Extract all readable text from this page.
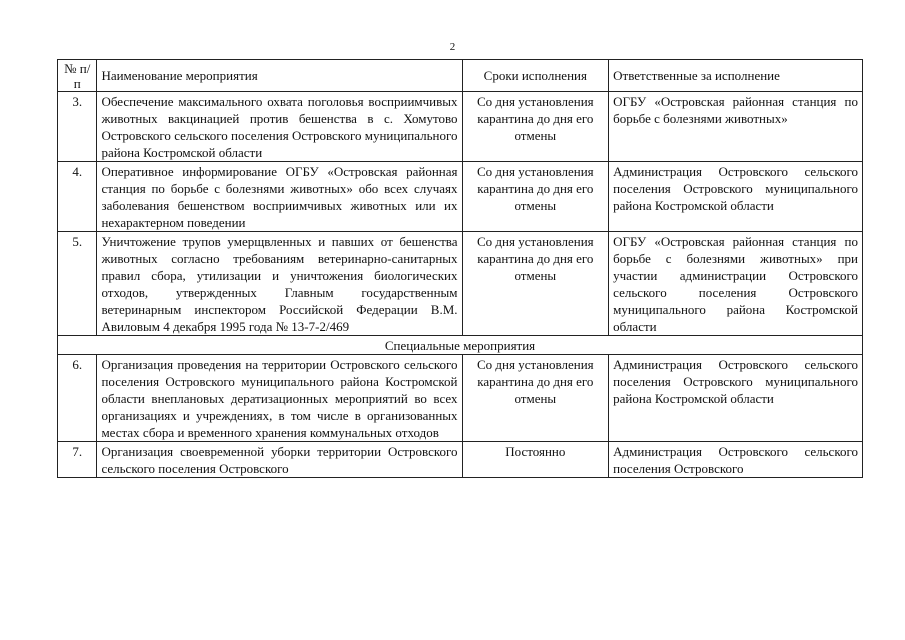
2
№ п/п	Наименование мероприятия	Сроки исполнения	Ответственные за исполнение
3.	Обеспечение максимального охвата поголовья восприимчивых животных вакцинацией против бешенства в с. Хомутово Островского сельского поселения Островского муниципального района Костромской области	Со дня установления карантина до дня его отмены	ОГБУ «Островская районная станция по борьбе с болезнями животных»
4.	Оперативное информирование ОГБУ «Островская районная станция по борьбе с болезнями животных» обо всех случаях заболевания бешенством восприимчивых животных или их нехарактерном поведении	Со дня установления карантина до дня его отмены	Администрация Островского сельского поселения Островского муниципального района Костромской области
5.	Уничтожение трупов умерщвленных и павших от бешенства животных согласно требованиям ветеринарно-санитарных правил сбора, утилизации и уничтожения биологических отходов, утвержденных Главным государственным ветеринарным инспектором Российской Федерации В.М. Авиловым 4 декабря 1995 года № 13-7-2/469	Со дня установления карантина до дня его отмены	ОГБУ «Островская районная станция по борьбе с болезнями животных» при участии администрации Островского сельского поселения Островского муниципального района Костромской области
Специальные мероприятия			
6.	Организация проведения на территории Островского сельского поселения Островского муниципального района Костромской области внеплановых дератизационных мероприятий во всех организациях и учреждениях, в том числе в организованных местах сбора и временного хранения коммунальных отходов	Со дня установления карантина до дня его отмены	Администрация Островского сельского поселения Островского муниципального района Костромской области
7.	Организация своевременной уборки территории Островского сельского поселения Островского	Постоянно	Администрация Островского сельского поселения Островского
